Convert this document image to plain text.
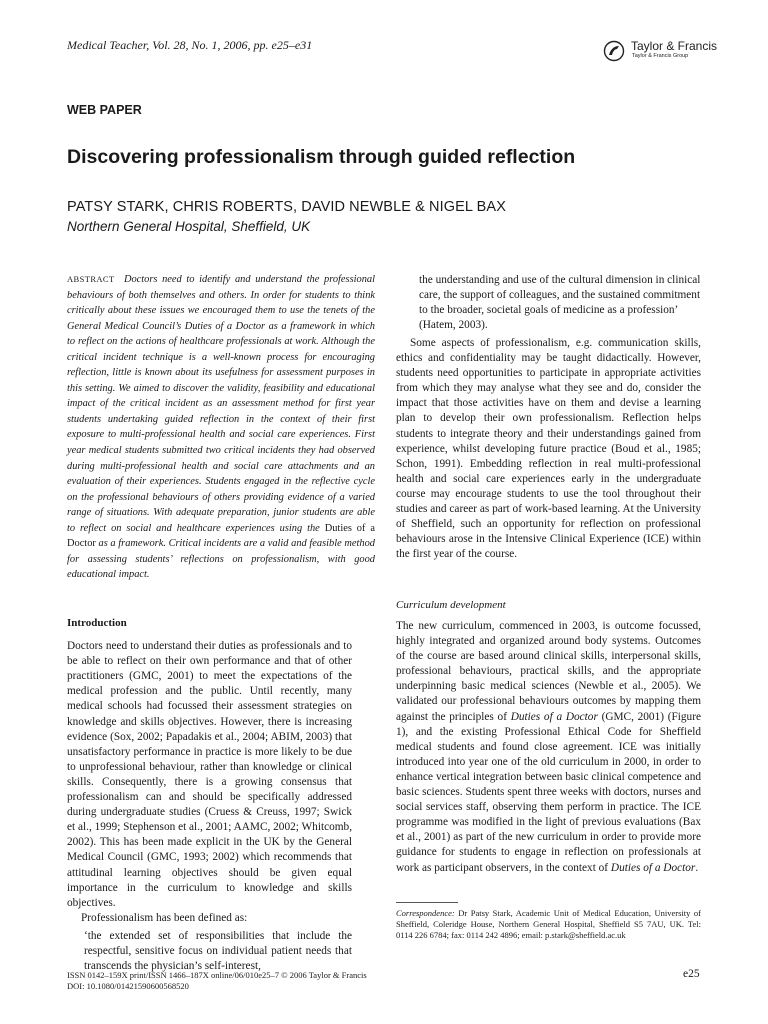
Medical Teacher, Vol. 28, No. 1, 2006, pp. e25–e31	Taylor & Francis
Taylor & Francis Group
WEB PAPER
Discovering professionalism through guided reflection
PATSY STARK, CHRIS ROBERTS, DAVID NEWBLE & NIGEL BAX
Northern General Hospital, Sheffield, UK
ABSTRACT Doctors need to identify and understand the professional behaviours of both themselves and others. In order for students to think critically about these issues we encouraged them to use the tenets of the General Medical Council’s Duties of a Doctor as a framework in which to reflect on the actions of healthcare professionals at work. Although the critical incident technique is a well-known process for encouraging reflection, little is known about its usefulness for assessment purposes in this setting. We aimed to discover the validity, feasibility and educational impact of the critical incident as an assessment method for first year students undertaking guided reflection in the context of their first exposure to multi-professional health and social care experiences. First year medical students submitted two critical incidents they had observed during multi-professional health and social care attachments and an evaluation of their experiences. Students engaged in the reflective cycle on the professional behaviours of others providing evidence of a varied range of situations. With adequate preparation, junior students are able to reflect on social and healthcare experiences using the Duties of a Doctor as a framework. Critical incidents are a valid and feasible method for assessing students’ reflections on professionalism, with good educational impact.

Introduction

Doctors need to understand their duties as professionals and to be able to reflect on their own performance and that of other practitioners (GMC, 2001) to meet the expectations of the medical profession and the public. Until recently, many medical schools had focussed their assessment strategies on knowledge and skills objectives. However, there is increasing evidence (Sox, 2002; Papadakis et al., 2004; ABIM, 2003) that unsatisfactory performance in practice is more likely to be due to unprofessional behaviour, rather than knowledge or clinical skills. Consequently, there is a growing consensus that professionalism can and should be specifically addressed during undergraduate studies (Cruess & Creuss, 1997; Swick et al., 1999; Stephenson et al., 2001; AAMC, 2002; Whitcomb, 2002). This has been made explicit in the UK by the General Medical Council (GMC, 1993; 2002) which recommends that attitudinal learning objectives should be given equal importance in the curriculum to knowledge and skills objectives.

Professionalism has been defined as:

‘the extended set of responsibilities that include the respectful, sensitive focus on individual patient needs that transcends the physician’s self-interest,

the understanding and use of the cultural dimension in clinical care, the support of colleagues, and the sustained commitment to the broader, societal goals of medicine as a profession’ (Hatem, 2003).

Some aspects of professionalism, e.g. communication skills, ethics and confidentiality may be taught didactically. However, students need opportunities to participate in appropriate activities from which they may analyse what they see and do, consider the impact that those activities have on them and devise a learning plan to develop their own professionalism. Reflection helps students to integrate theory and their understandings gained from experience, whilst developing future practice (Boud et al., 1985; Schon, 1991). Embedding reflection in real multi-professional health and social care experiences early in the undergraduate course may encourage students to use the tool throughout their studies and career as part of work-based learning. At the University of Sheffield, such an opportunity for reflection on professional behaviours arose in the Intensive Clinical Experience (ICE) within the first year of the course.

Curriculum development

The new curriculum, commenced in 2003, is outcome focussed, highly integrated and organized around body systems. Outcomes of the course are based around clinical skills, interpersonal skills, professional behaviours, practical skills, and the appropriate underpinning basic medical sciences (Newble et al., 2005). We validated our professional behaviours outcomes by mapping them against the principles of Duties of a Doctor (GMC, 2001) (Figure 1), and the existing Professional Ethical Code for Sheffield medical students and found close agreement. ICE was initially introduced into year one of the old curriculum in 2000, in order to enhance vertical integration between basic clinical competence and basic sciences. Students spent three weeks with doctors, nurses and social services staff, observing them perform in practice. The ICE programme was modified in the light of previous evaluations (Bax et al., 2001) as part of the new curriculum in order to provide more guidance for students to engage in reflection on professionals at work as participant observers, in the context of Duties of a Doctor.

Correspondence: Dr Patsy Stark, Academic Unit of Medical Education, University of Sheffield, Coleridge House, Northern General Hospital, Sheffield S5 7AU, UK. Tel: 0114 226 6784; fax: 0114 242 4896; email: p.stark@sheffield.ac.uk
ISSN 0142–159X print/ISSN 1466–187X online/06/010e25–7 © 2006 Taylor & Francis
DOI: 10.1080/01421590600568520
e25
